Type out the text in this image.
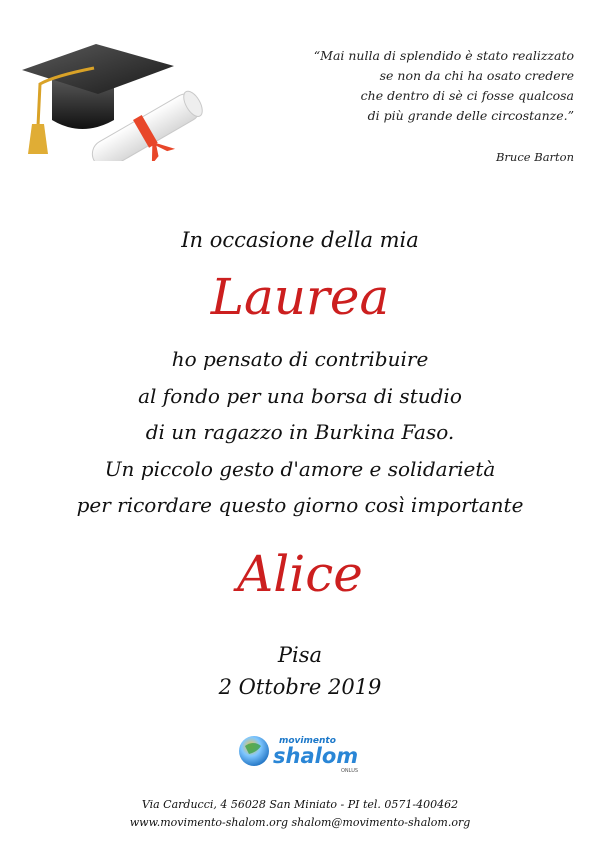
“Mai nulla di splendido è stato realizzato
se non da chi ha osato credere
che dentro di sè ci fosse qualcosa
di più grande delle circostanze.”
Bruce Barton
In occasione della mia
Laurea
ho pensato di contribuire
al fondo per una borsa di studio
di un ragazzo in Burkina Faso.
Un piccolo gesto d'amore e solidarietà
per ricordare questo giorno così importante
Alice
Pisa
2 Ottobre 2019
movimento
shalom
ONLUS
Via Carducci, 4 56028 San Miniato - PI tel. 0571-400462
www.movimento-shalom.org shalom@movimento-shalom.org
